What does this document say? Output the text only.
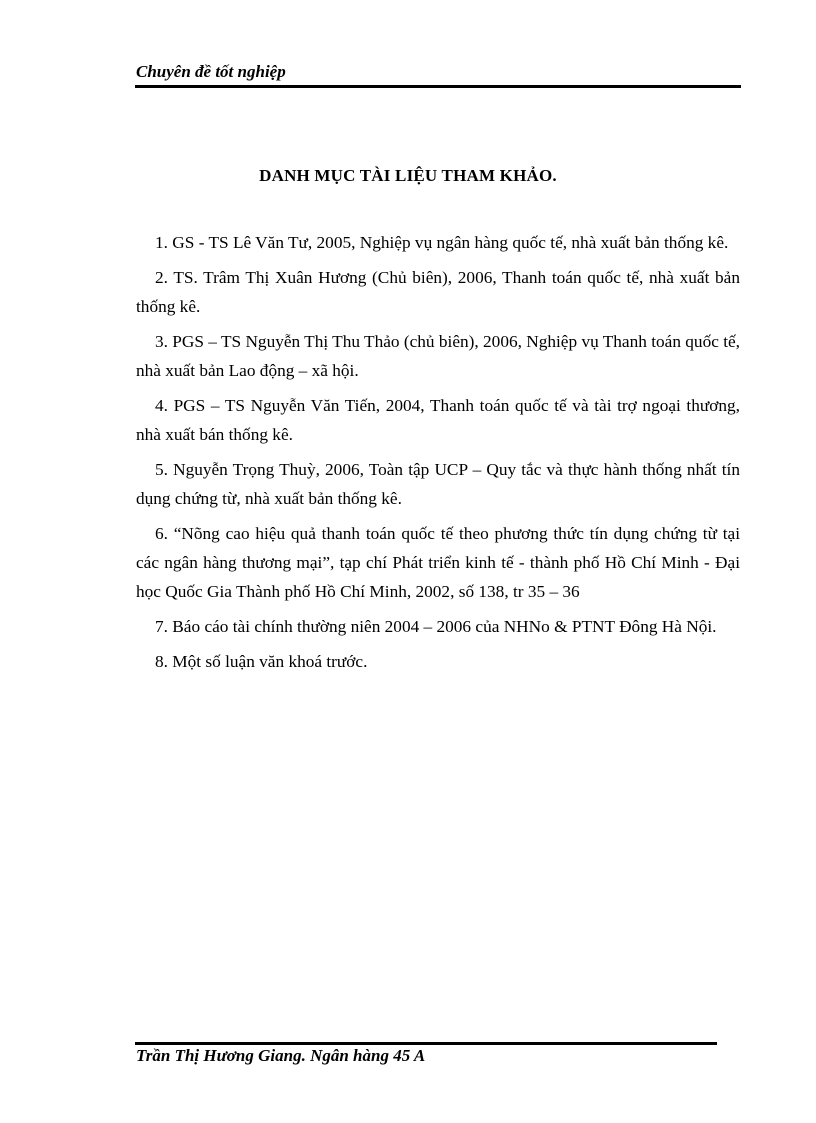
Chuyên đề tốt nghiệp
DANH MỤC TÀI LIỆU THAM KHẢO.
1. GS - TS Lê Văn Tư, 2005, Nghiệp vụ ngân hàng quốc tế, nhà xuất bản thống kê.
2. TS. Trâm Thị Xuân Hương (Chủ biên), 2006, Thanh toán quốc tế, nhà xuất bản thống kê.
3. PGS – TS Nguyễn Thị Thu Thảo (chủ biên), 2006, Nghiệp vụ Thanh toán quốc tế, nhà xuất bản Lao động – xã hội.
4. PGS – TS Nguyễn Văn Tiến, 2004, Thanh toán quốc tế và tài trợ ngoại thương, nhà xuất bán thống kê.
5. Nguyễn Trọng Thuỳ, 2006, Toàn tập UCP – Quy tắc và thực hành thống nhất tín dụng chứng từ, nhà xuất bản thống kê.
6. “Nõng cao hiệu quả thanh toán quốc tế theo phương thức tín dụng chứng từ tại các ngân hàng thương mại”, tạp chí Phát triển kinh tế - thành phố Hồ Chí Minh - Đại học Quốc Gia Thành phố Hồ Chí Minh, 2002, số 138, tr 35 – 36
7. Báo cáo tài chính thường niên 2004 – 2006 của NHNo & PTNT Đông Hà Nội.
8. Một số luận văn khoá trước.
Trần Thị Hương Giang. Ngân hàng 45 A
